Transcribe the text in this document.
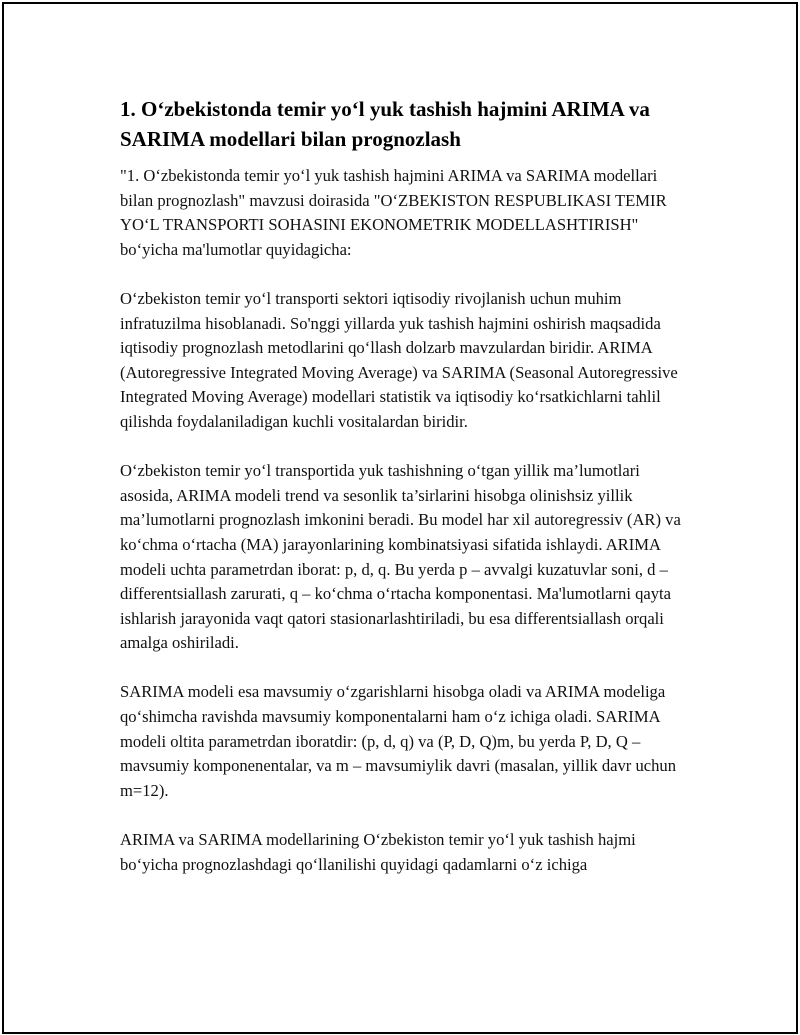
1. O‘zbekistonda temir yo‘l yuk tashish hajmini ARIMA va SARIMA modellari bilan prognozlash

"1. O‘zbekistonda temir yo‘l yuk tashish hajmini ARIMA va SARIMA modellari bilan prognozlash" mavzusi doirasida "O‘ZBEKISTON RESPUBLIKASI TEMIR YO‘L TRANSPORTI SOHASINI EKONOMETRIK MODELLASHTIRISH" bo‘yicha ma'lumotlar quyidagicha:

O‘zbekiston temir yo‘l transporti sektori iqtisodiy rivojlanish uchun muhim infratuzilma hisoblanadi. So'nggi yillarda yuk tashish hajmini oshirish maqsadida iqtisodiy prognozlash metodlarini qo‘llash dolzarb mavzulardan biridir. ARIMA (Autoregressive Integrated Moving Average) va SARIMA (Seasonal Autoregressive Integrated Moving Average) modellari statistik va iqtisodiy ko‘rsatkichlarni tahlil qilishda foydalaniladigan kuchli vositalardan biridir.

O‘zbekiston temir yo‘l transportida yuk tashishning o‘tgan yillik ma’lumotlari asosida, ARIMA modeli trend va sesonlik ta’sirlarini hisobga olinishsiz yillik ma’lumotlarni prognozlash imkonini beradi. Bu model har xil autoregressiv (AR) va ko‘chma o‘rtacha (MA) jarayonlarining kombinatsiyasi sifatida ishlaydi. ARIMA modeli uchta parametrdan iborat: p, d, q. Bu yerda p – avvalgi kuzatuvlar soni, d – differentsiallash zarurati, q – ko‘chma o‘rtacha komponentasi. Ma'lumotlarni qayta ishlarish jarayonida vaqt qatori stasionarlashtiriladi, bu esa differentsiallash orqali amalga oshiriladi.

SARIMA modeli esa mavsumiy o‘zgarishlarni hisobga oladi va ARIMA modeliga qo‘shimcha ravishda mavsumiy komponentalarni ham o‘z ichiga oladi. SARIMA modeli oltita parametrdan iboratdir: (p, d, q) va (P, D, Q)m, bu yerda P, D, Q – mavsumiy komponenentalar, va m – mavsumiylik davri (masalan, yillik davr uchun m=12).

ARIMA va SARIMA modellarining O‘zbekiston temir yo‘l yuk tashish hajmi bo‘yicha prognozlashdagi qo‘llanilishi quyidagi qadamlarni o‘z ichiga
